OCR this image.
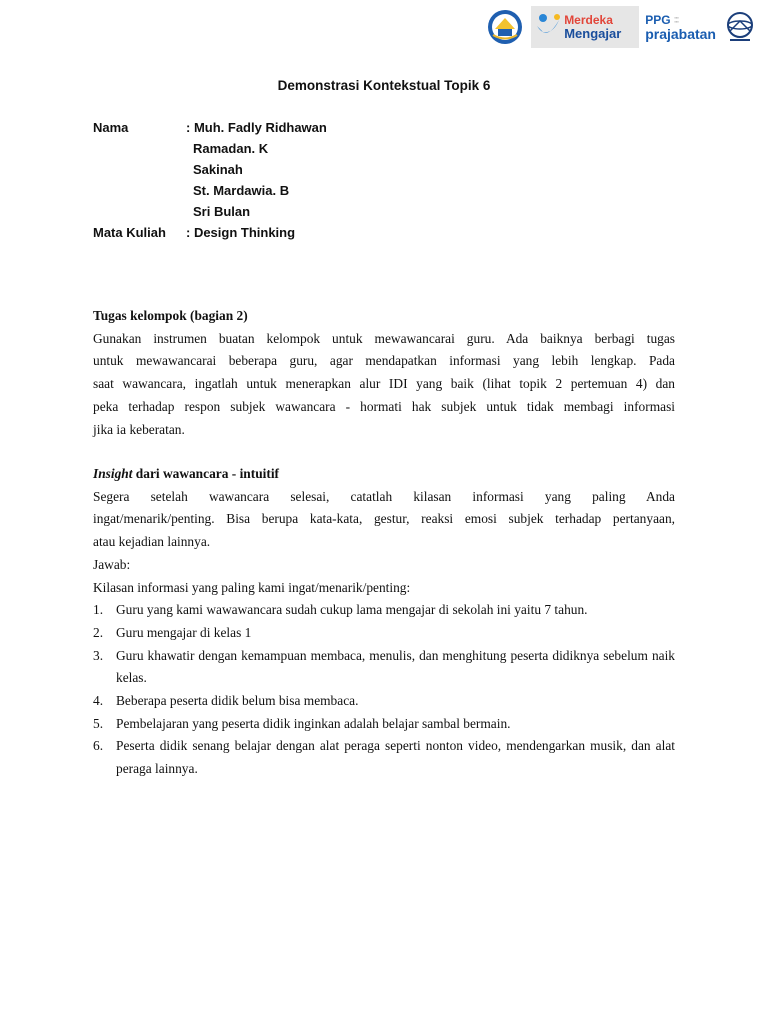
Merdeka
Mengajar
PPG ▪▪▪
▪▪▪
prajabatan
Demonstrasi Kontekstual Topik 6
Nama	: Muh. Fadly Ridhawan
Ramadan. K
Sakinah
St. Mardawia. B
Sri Bulan
Mata Kuliah : Design Thinking
Tugas kelompok (bagian 2)
Gunakan instrumen buatan kelompok untuk mewawancarai guru. Ada baiknya berbagi tugas
untuk mewawancarai beberapa guru, agar mendapatkan informasi yang lebih lengkap. Pada
saat wawancara, ingatlah untuk menerapkan alur IDI yang baik (lihat topik 2 pertemuan 4) dan
peka terhadap respon subjek wawancara - hormati hak subjek untuk tidak membagi informasi
jika ia keberatan.
Insight dari wawancara - intuitif
Segera setelah wawancara selesai, catatlah kilasan informasi yang paling Anda
ingat/menarik/penting. Bisa berupa kata-kata, gestur, reaksi emosi subjek terhadap pertanyaan,
atau kejadian lainnya.
Jawab:
Kilasan informasi yang paling kami ingat/menarik/penting:
1. Guru yang kami wawawancara sudah cukup lama mengajar di sekolah ini yaitu 7 tahun.
2. Guru mengajar di kelas 1
3. Guru khawatir dengan kemampuan membaca, menulis, dan menghitung peserta didiknya sebelum naik kelas.
4. Beberapa peserta didik belum bisa membaca.
5. Pembelajaran yang peserta didik inginkan adalah belajar sambal bermain.
6. Peserta didik senang belajar dengan alat peraga seperti nonton video, mendengarkan musik, dan alat peraga lainnya.
